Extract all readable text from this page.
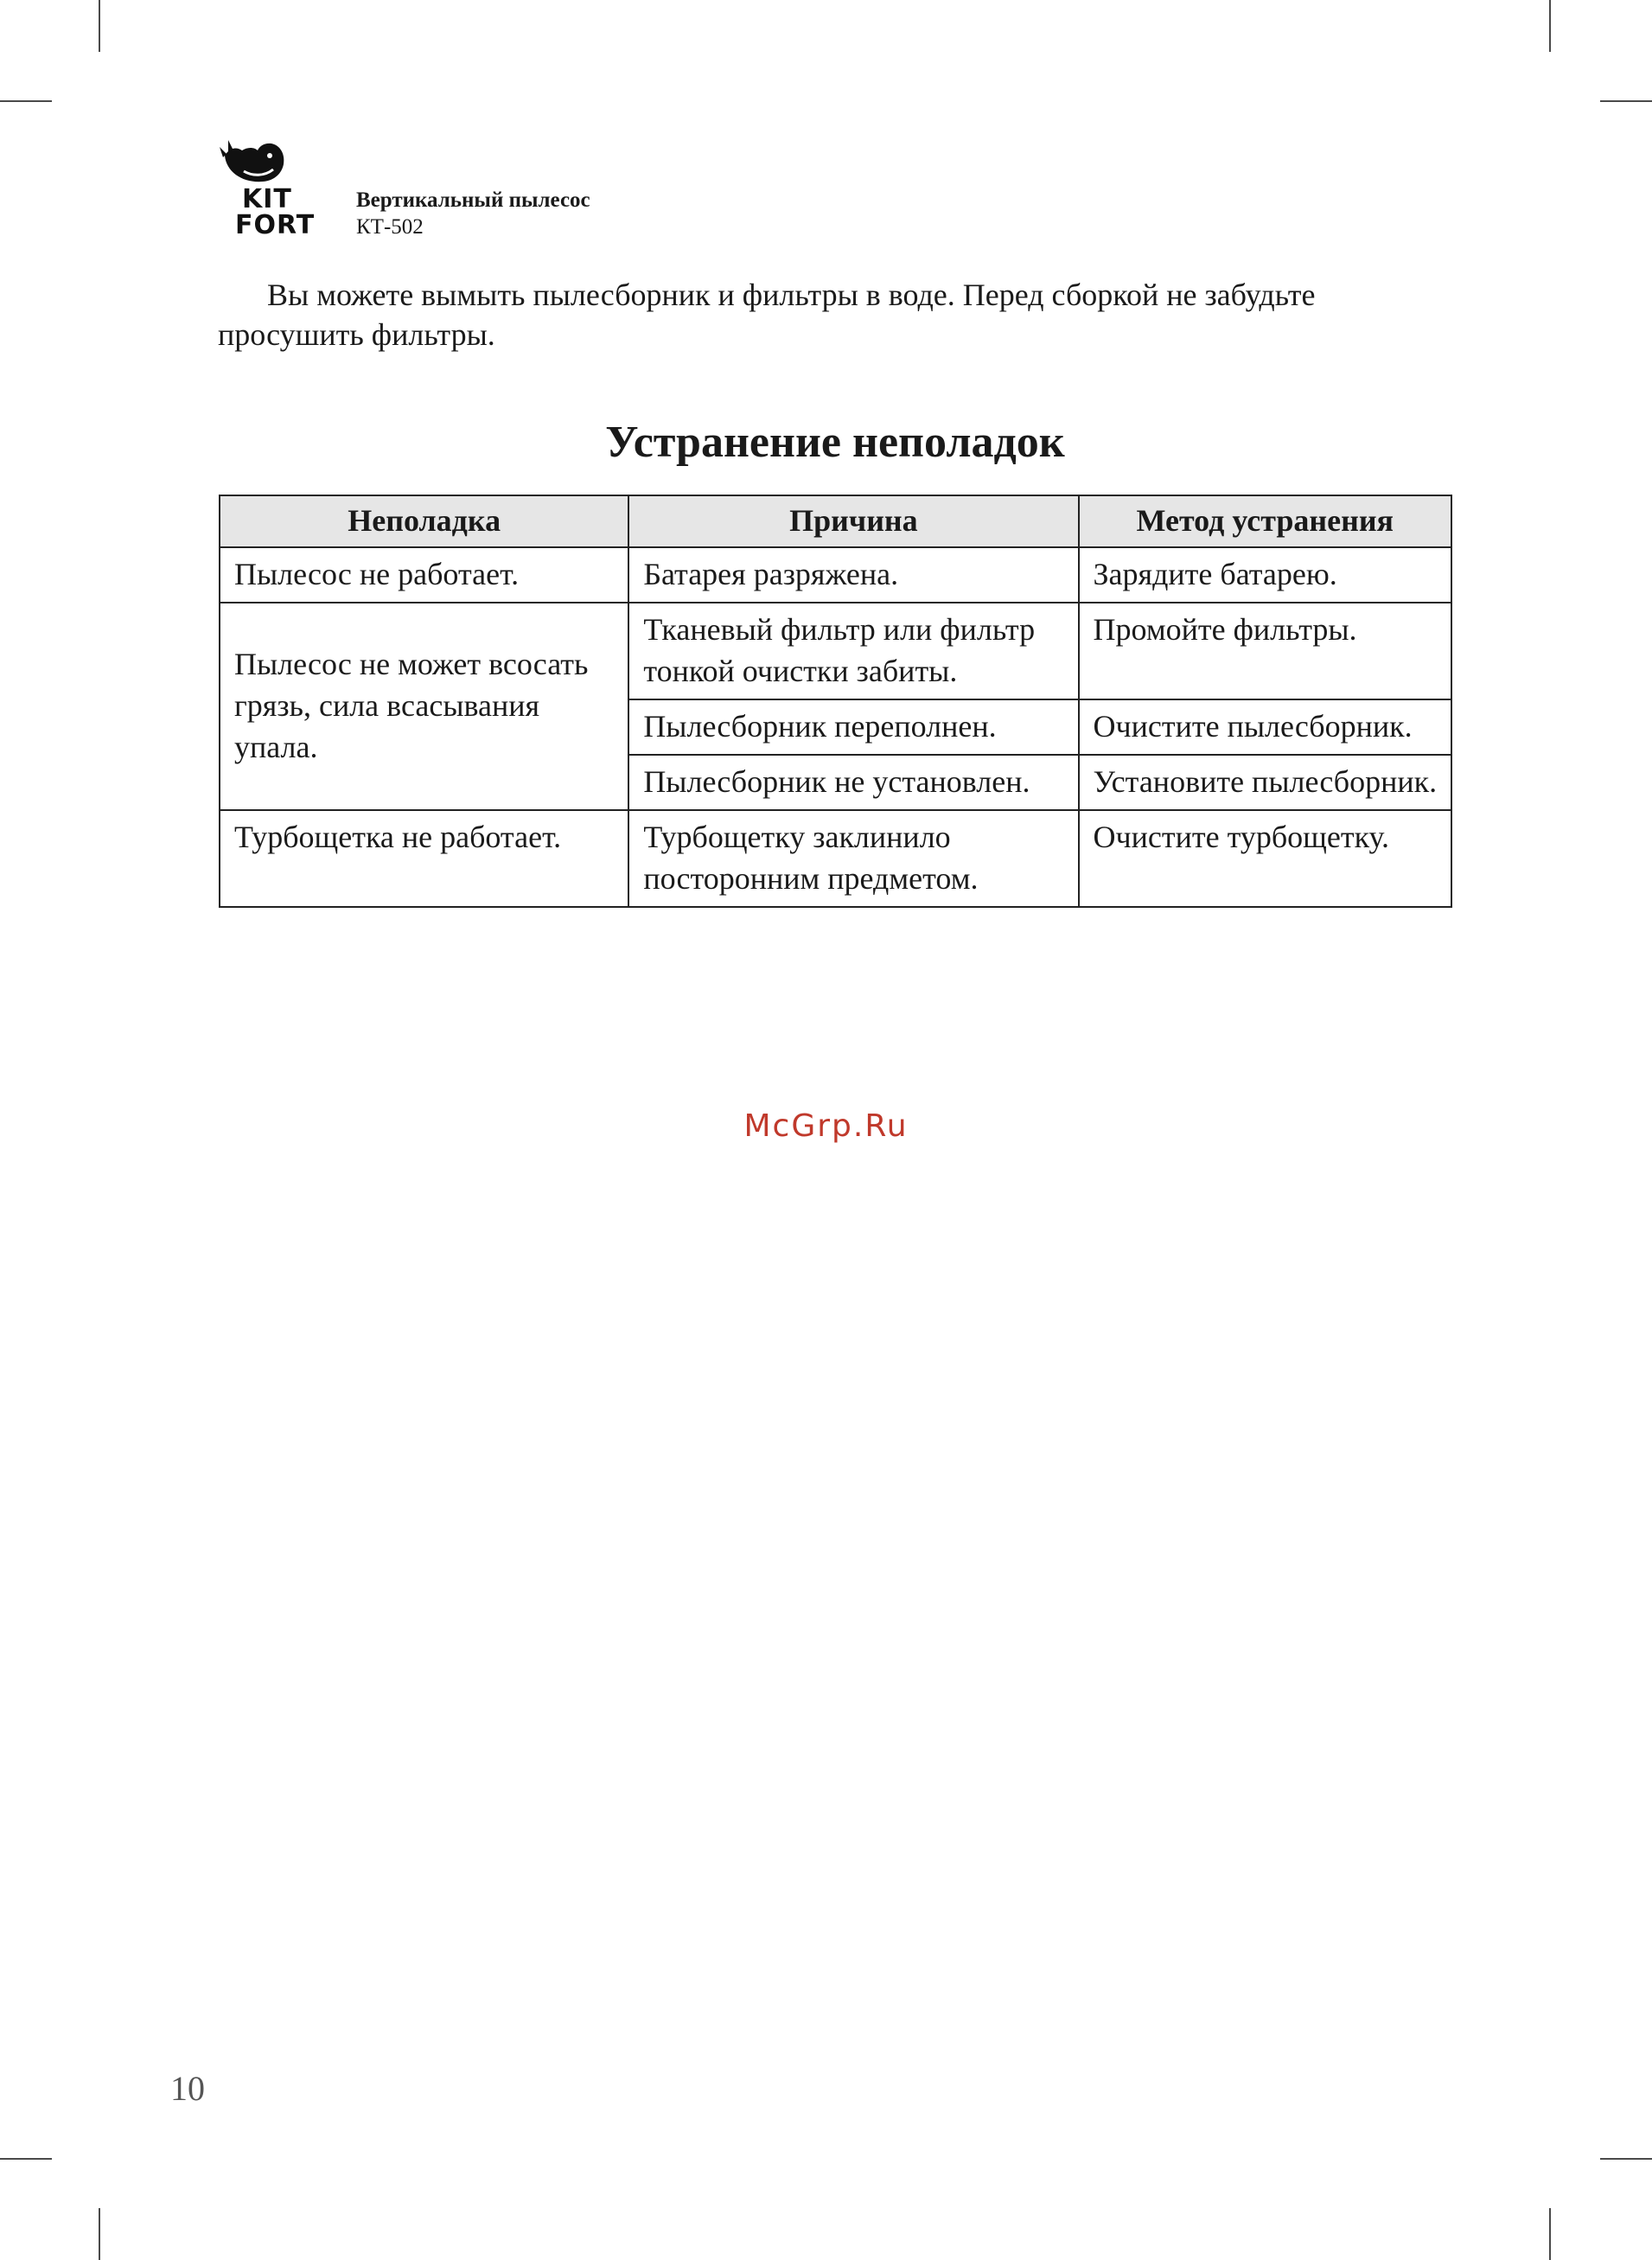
KIT
FORT
Вертикальный пылесос
КТ-502
Вы можете вымыть пылесборник и фильтры в воде. Перед сборкой не забудьте
просушить фильтры.
Устранение неполадок
Неполадка	Причина	Метод устранения
Пылесос не работает.	Батарея разряжена.	Зарядите батарею.
Пылесос не может всосать грязь, сила всасывания упала.	Тканевый фильтр или фильтр тонкой очистки забиты.	Промойте фильтры.
	Пылесборник переполнен.	Очистите пылесборник.
	Пылесборник не установлен.	Установите пылесборник.
Турбощетка не работает.	Турбощетку заклинило посторонним предметом.	Очистите турбощетку.
McGrp.Ru
10
